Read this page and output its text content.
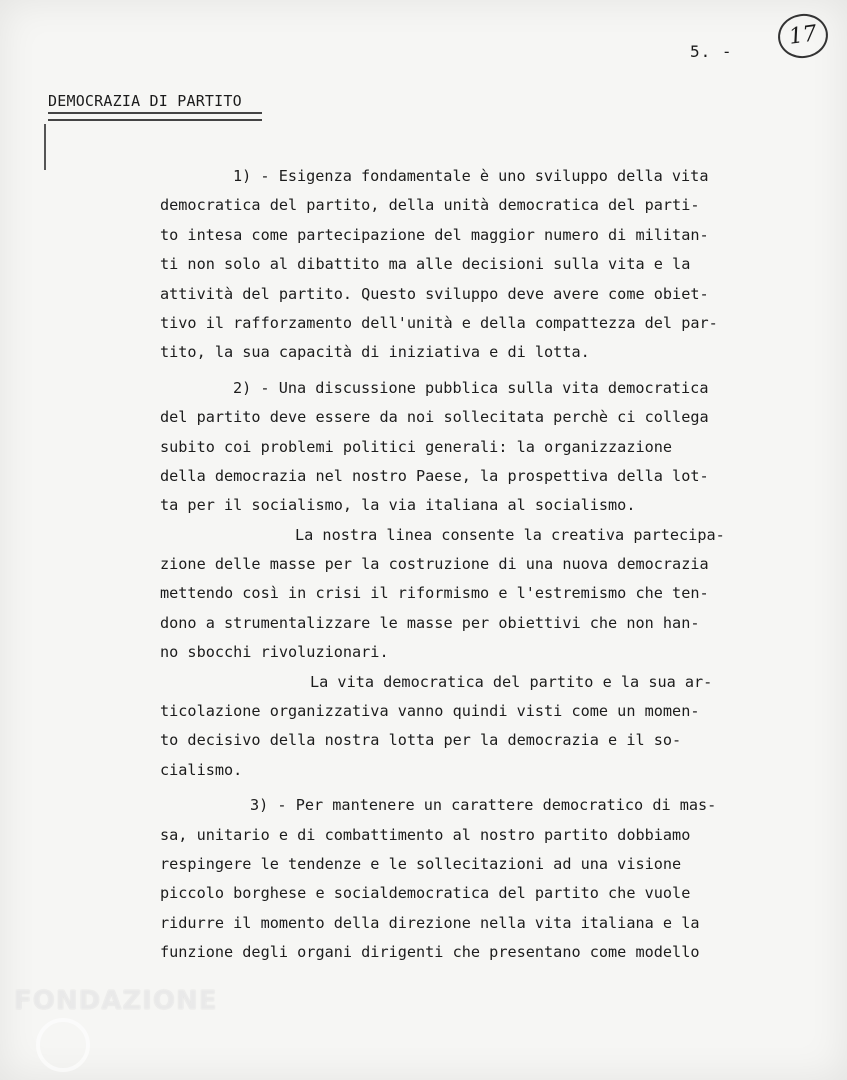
17
5. -
DEMOCRAZIA DI PARTITO
1) - Esigenza fondamentale è uno sviluppo della vita
democratica del partito, della unità democratica del parti-
to intesa come partecipazione del maggior numero di militan-
ti non solo al dibattito ma alle decisioni sulla vita e la
attività del partito. Questo sviluppo deve avere come obiet-
tivo il rafforzamento dell'unità e della compattezza del par-
tito, la sua capacità di iniziativa e di lotta.
2) - Una discussione pubblica sulla vita democratica
del partito deve essere da noi sollecitata perchè ci collega
subito coi problemi politici generali: la organizzazione
della democrazia nel nostro Paese, la prospettiva della lot-
ta per il socialismo, la via italiana al socialismo.
La nostra linea consente la creativa partecipa-
zione delle masse per la costruzione di una nuova democrazia
mettendo così in crisi il riformismo e l'estremismo che ten-
dono a strumentalizzare le masse per obiettivi che non han-
no sbocchi rivoluzionari.
La vita democratica del partito e la sua ar-
ticolazione organizzativa vanno quindi visti come un momen-
to decisivo della nostra lotta per la democrazia e il so-
cialismo.
3) - Per mantenere un carattere democratico di mas-
sa, unitario e di combattimento al nostro partito dobbiamo
respingere le tendenze e le sollecitazioni ad una visione
piccolo borghese e socialdemocratica del partito che vuole
ridurre il momento della direzione nella vita italiana e la
funzione degli organi dirigenti che presentano come modello
FONDAZIONE
